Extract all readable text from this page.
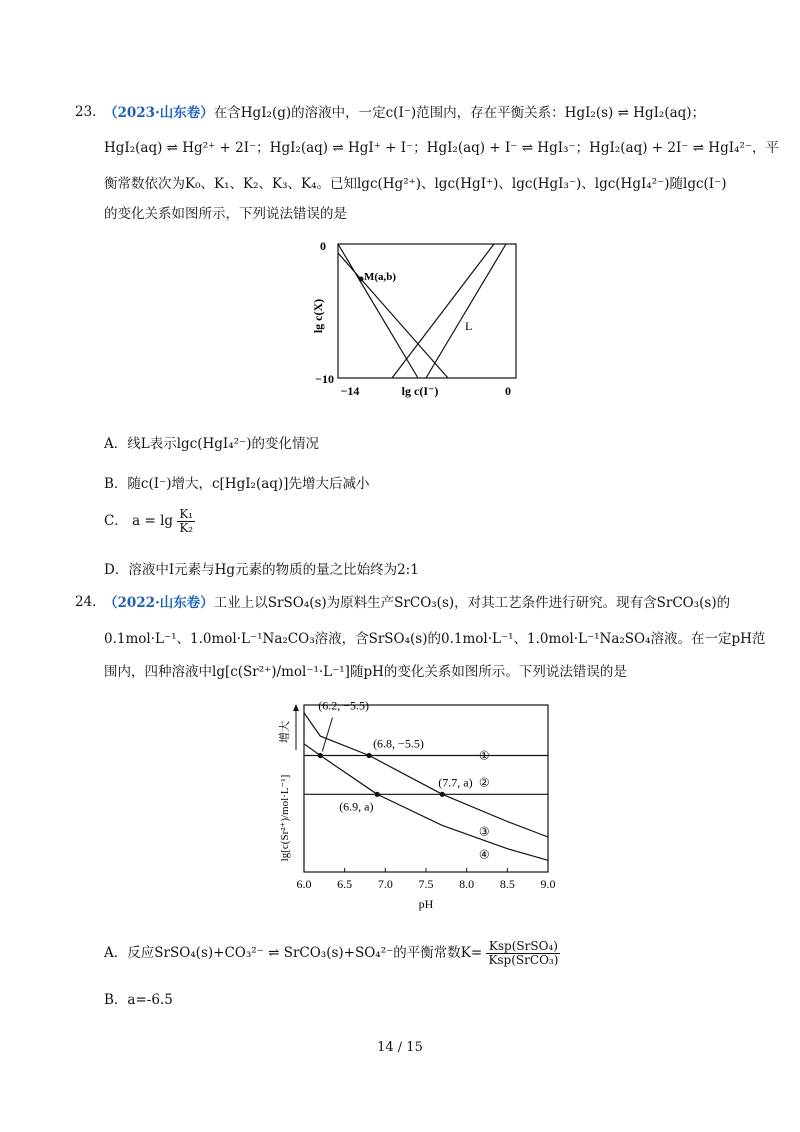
23. （2023·山东卷）在含HgI₂(g)的溶液中，一定c(I⁻)范围内，存在平衡关系：HgI₂(s) ⇌ HgI₂(aq)；
HgI₂(aq) ⇌ Hg²⁺ + 2I⁻；HgI₂(aq) ⇌ HgI⁺ + I⁻；HgI₂(aq) + I⁻ ⇌ HgI₃⁻；HgI₂(aq) + 2I⁻ ⇌ HgI₄²⁻，平
衡常数依次为K₀、K₁、K₂、K₃、K₄。已知lgc(Hg²⁺)、lgc(HgI⁺)、lgc(HgI₃⁻)、lgc(HgI₄²⁻)随lgc(I⁻)
的变化关系如图所示，下列说法错误的是
M(a,b)
L
0
−10
−14	0
lg c(I⁻)
lg c(X)
A．线L表示lgc(HgI₄²⁻)的变化情况
B．随c(I⁻)增大，c[HgI₂(aq)]先增大后减小
C． $a = \lg \frac{\text{K₁}}{\text{K₂}}$
D．溶液中I元素与Hg元素的物质的量之比始终为2:1
24. （2022·山东卷）工业上以SrSO₄(s)为原料生产SrCO₃(s)，对其工艺条件进行研究。现有含SrCO₃(s)的
0.1mol·L⁻¹、1.0mol·L⁻¹Na₂CO₃溶液，含SrSO₄(s)的0.1mol·L⁻¹、1.0mol·L⁻¹Na₂SO₄溶液。在一定pH范
围内，四种溶液中lg[c(Sr²⁺)/mol⁻¹·L⁻¹]随pH的变化关系如图所示。下列说法错误的是
①
②
③
④
6.0 6.5 7.0 7.5 8.0 8.5 9.0
(6.2, −5.5)
(6.8, −5.5)
(7.7, a)
(6.9, a)
pH
lg[c(Sr²⁺)/mol·L⁻¹]
增大
A．反应SrSO₄(s)+CO₃²⁻ ⇌ SrCO₃(s)+SO₄²⁻的平衡常数$K= \frac{\text{Ksp(SrSO₄)}}{\text{Ksp(SrCO₃)}}$
B．a=-6.5
14 / 15
